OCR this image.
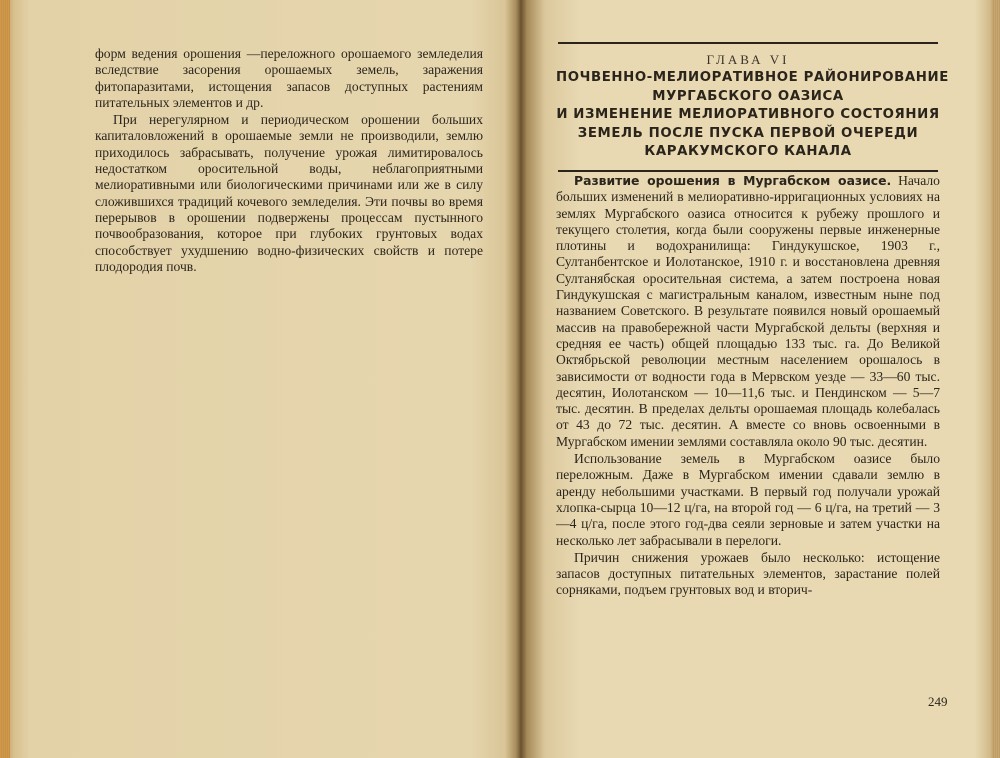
форм ведения орошения —переложного орошаемого земледелия вследствие засорения орошаемых земель, заражения фитопаразитами, истощения запасов доступных растениям питательных элементов и др.

При нерегулярном и периодическом орошении больших капиталовложений в орошаемые земли не производили, землю приходилось забрасывать, получение урожая лимитировалось недостатком оросительной воды, неблагоприятными мелиоративными или биологическими причинами или же в силу сложившихся традиций кочевого земледелия. Эти почвы во время перерывов в орошении подвержены процессам пустынного почвообразования, которое при глубоких грунтовых водах способствует ухудшению водно-физических свойств и потере плодородия почв.

ГЛАВА VI
ПОЧВЕННО-МЕЛИОРАТИВНОЕ РАЙОНИРОВАНИЕ
МУРГАБСКОГО ОАЗИСА
И ИЗМЕНЕНИЕ МЕЛИОРАТИВНОГО СОСТОЯНИЯ
ЗЕМЕЛЬ ПОСЛЕ ПУСКА ПЕРВОЙ ОЧЕРЕДИ
КАРАКУМСКОГО КАНАЛА

Развитие орошения в Мургабском оазисе. Начало больших изменений в мелиоративно-ирригационных условиях на землях Мургабского оазиса относится к рубежу прошлого и текущего столетия, когда были сооружены первые инженерные плотины и водохранилища: Гиндукушское, 1903 г., Султанбентское и Иолотанское, 1910 г. и восстановлена древняя Султанябская оросительная система, а затем построена новая Гиндукушская с магистральным каналом, известным ныне под названием Советского. В результате появился новый орошаемый массив на правобережной части Мургабской дельты (верхняя и средняя ее часть) общей площадью 133 тыс. га. До Великой Октябрьской революции местным населением орошалось в зависимости от водности года в Мервском уезде — 33—60 тыс. десятин, Иолотанском — 10—11,6 тыс. и Пендинском — 5—7 тыс. десятин. В пределах дельты орошаемая площадь колебалась от 43 до 72 тыс. десятин. А вместе со вновь освоенными в Мургабском имении землями составляла около 90 тыс. десятин.

Использование земель в Мургабском оазисе было переложным. Даже в Мургабском имении сдавали землю в аренду небольшими участками. В первый год получали урожай хлопка-сырца 10—12 ц/га, на второй год — 6 ц/га, на третий — 3—4 ц/га, после этого год-два сеяли зерновые и затем участки на несколько лет забрасывали в перелоги.

Причин снижения урожаев было несколько: истощение запасов доступных питательных элементов, зарастание полей сорняками, подъем грунтовых вод и вторич-

249
